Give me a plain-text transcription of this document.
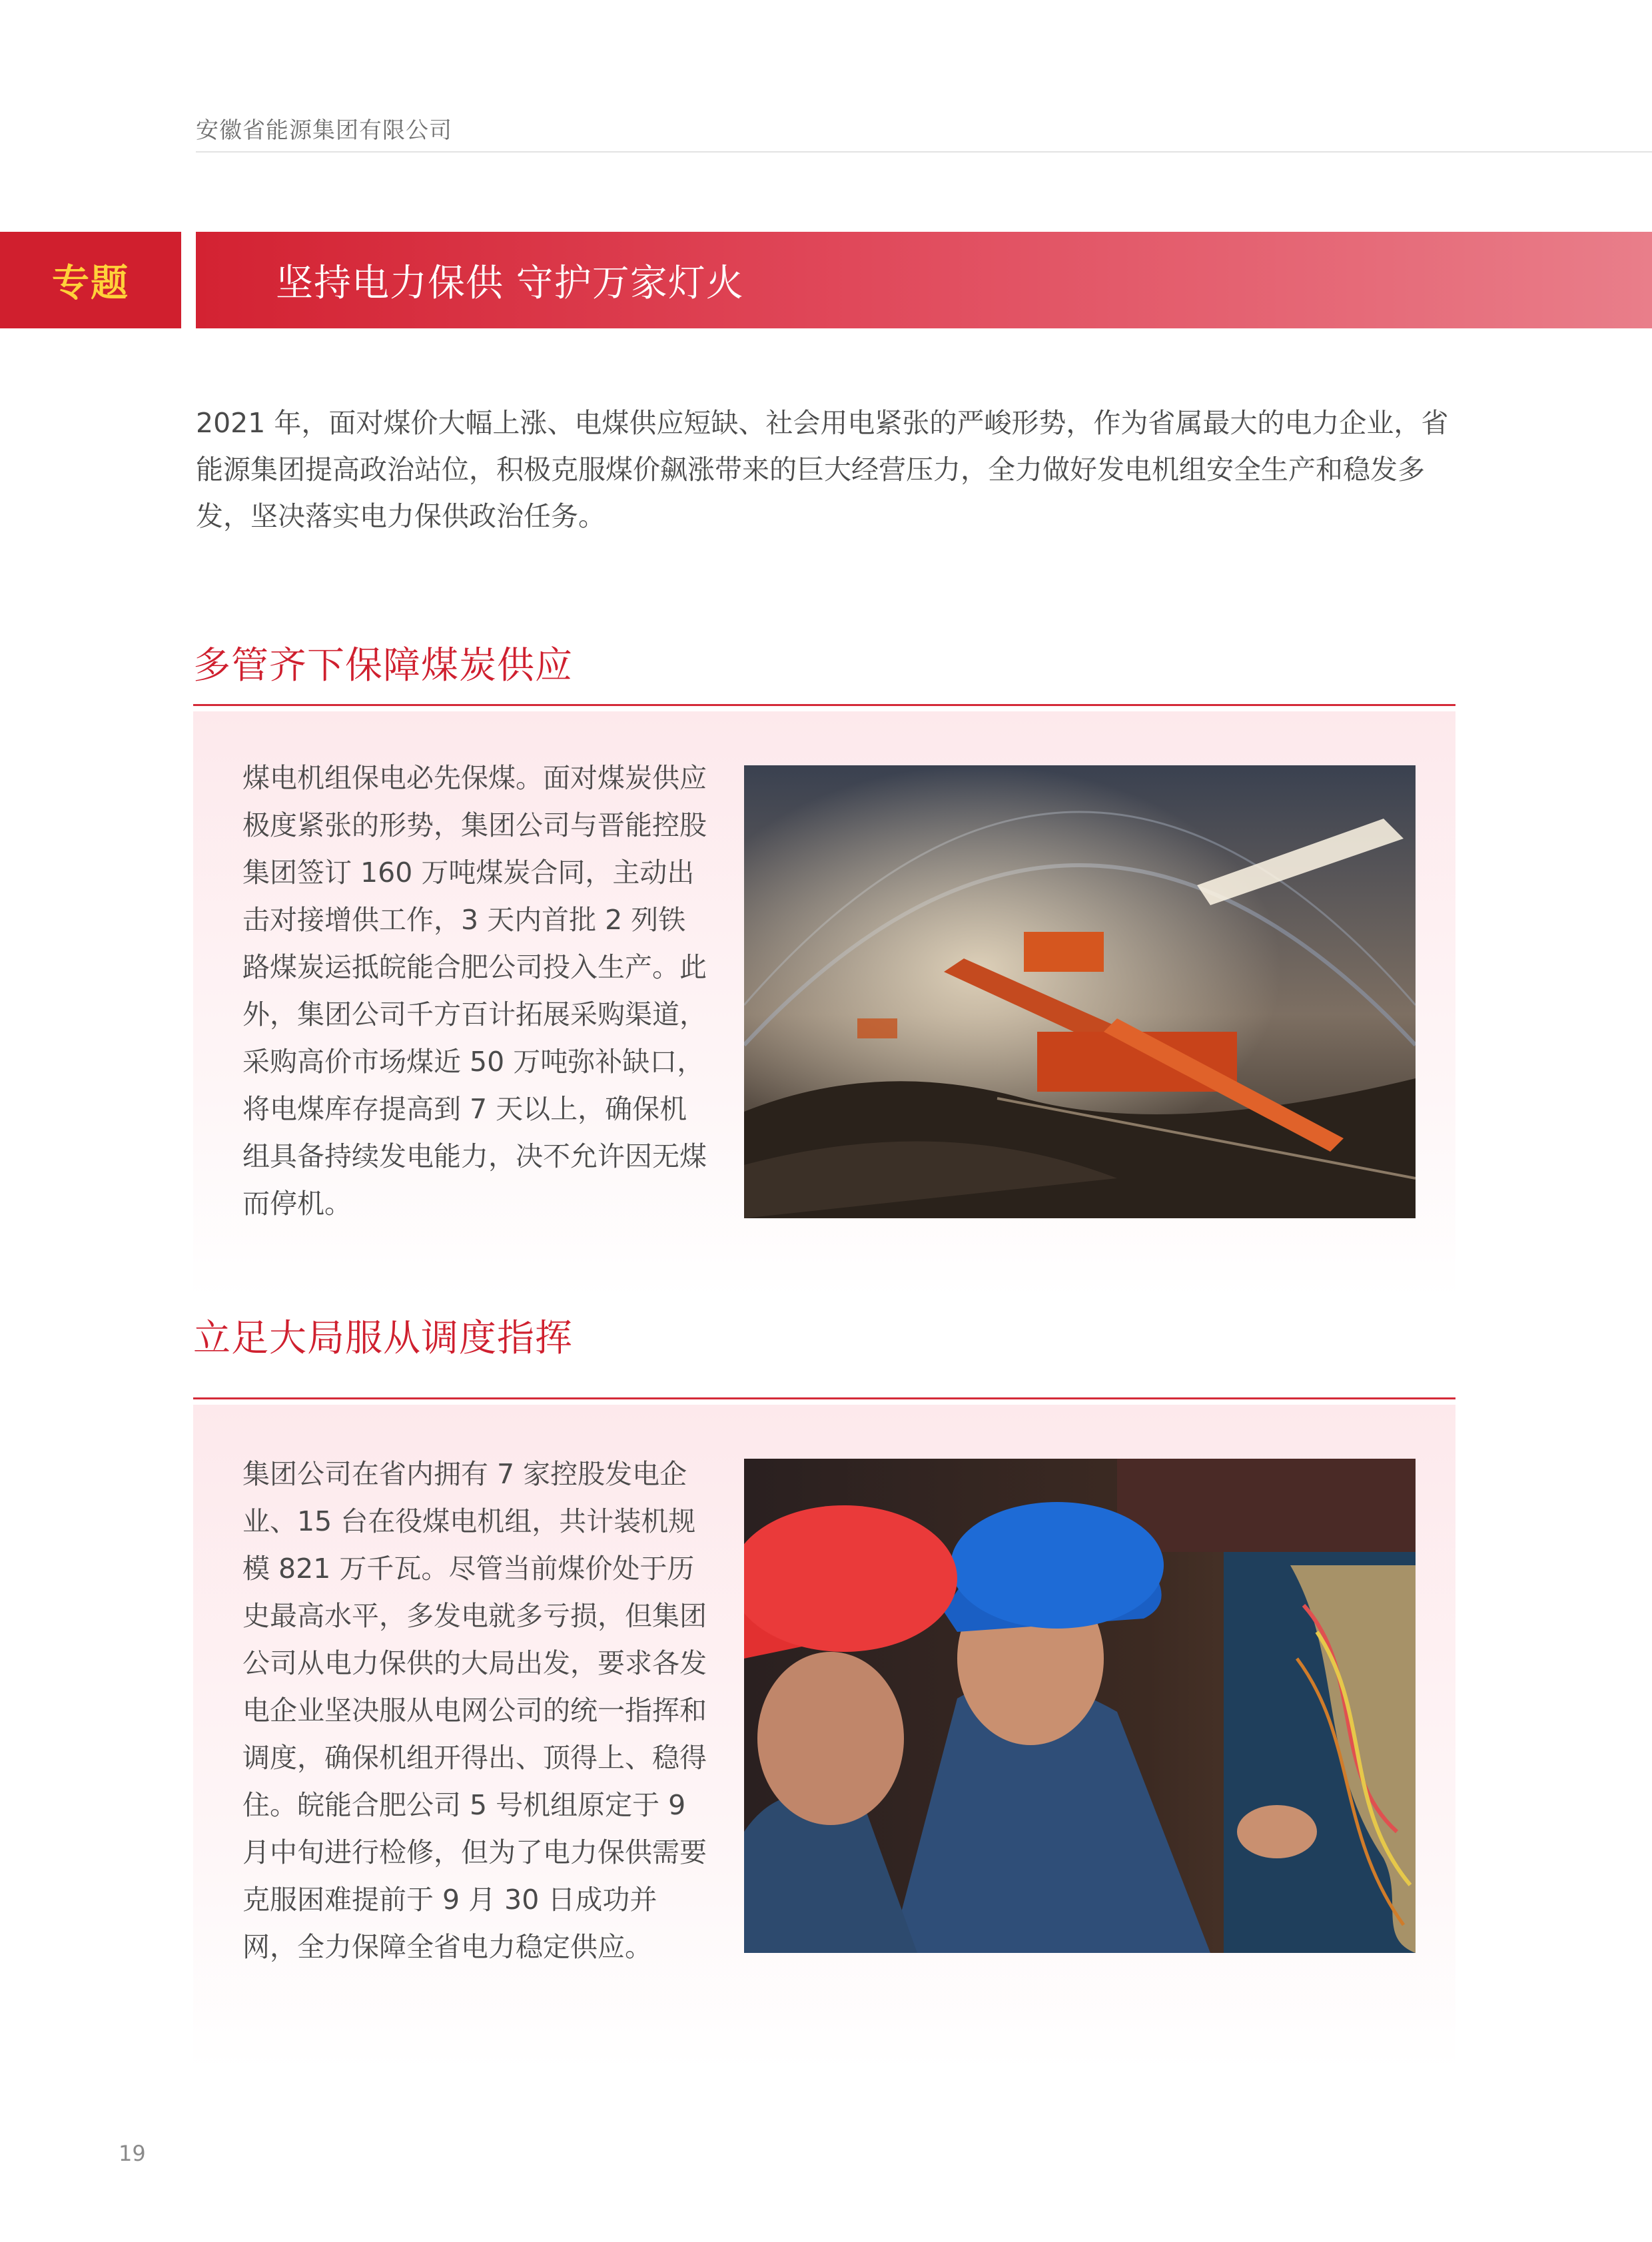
安徽省能源集团有限公司
专题	坚持电力保供 守护万家灯火
2021 年，面对煤价大幅上涨、电煤供应短缺、社会用电紧张的严峻形势，作为省属最大的电力企业，省能源集团提高政治站位，积极克服煤价飙涨带来的巨大经营压力，全力做好发电机组安全生产和稳发多发，坚决落实电力保供政治任务。
多管齐下保障煤炭供应
煤电机组保电必先保煤。面对煤炭供应极度紧张的形势，集团公司与晋能控股集团签订 160 万吨煤炭合同，主动出击对接增供工作，3 天内首批 2 列铁路煤炭运抵皖能合肥公司投入生产。此外，集团公司千方百计拓展采购渠道，采购高价市场煤近 50 万吨弥补缺口，将电煤库存提高到 7 天以上，确保机组具备持续发电能力，决不允许因无煤而停机。
立足大局服从调度指挥
集团公司在省内拥有 7 家控股发电企业、15 台在役煤电机组，共计装机规模 821 万千瓦。尽管当前煤价处于历史最高水平，多发电就多亏损，但集团公司从电力保供的大局出发，要求各发电企业坚决服从电网公司的统一指挥和调度，确保机组开得出、顶得上、稳得住。皖能合肥公司 5 号机组原定于 9 月中旬进行检修，但为了电力保供需要克服困难提前于 9 月 30 日成功并网，全力保障全省电力稳定供应。
19
